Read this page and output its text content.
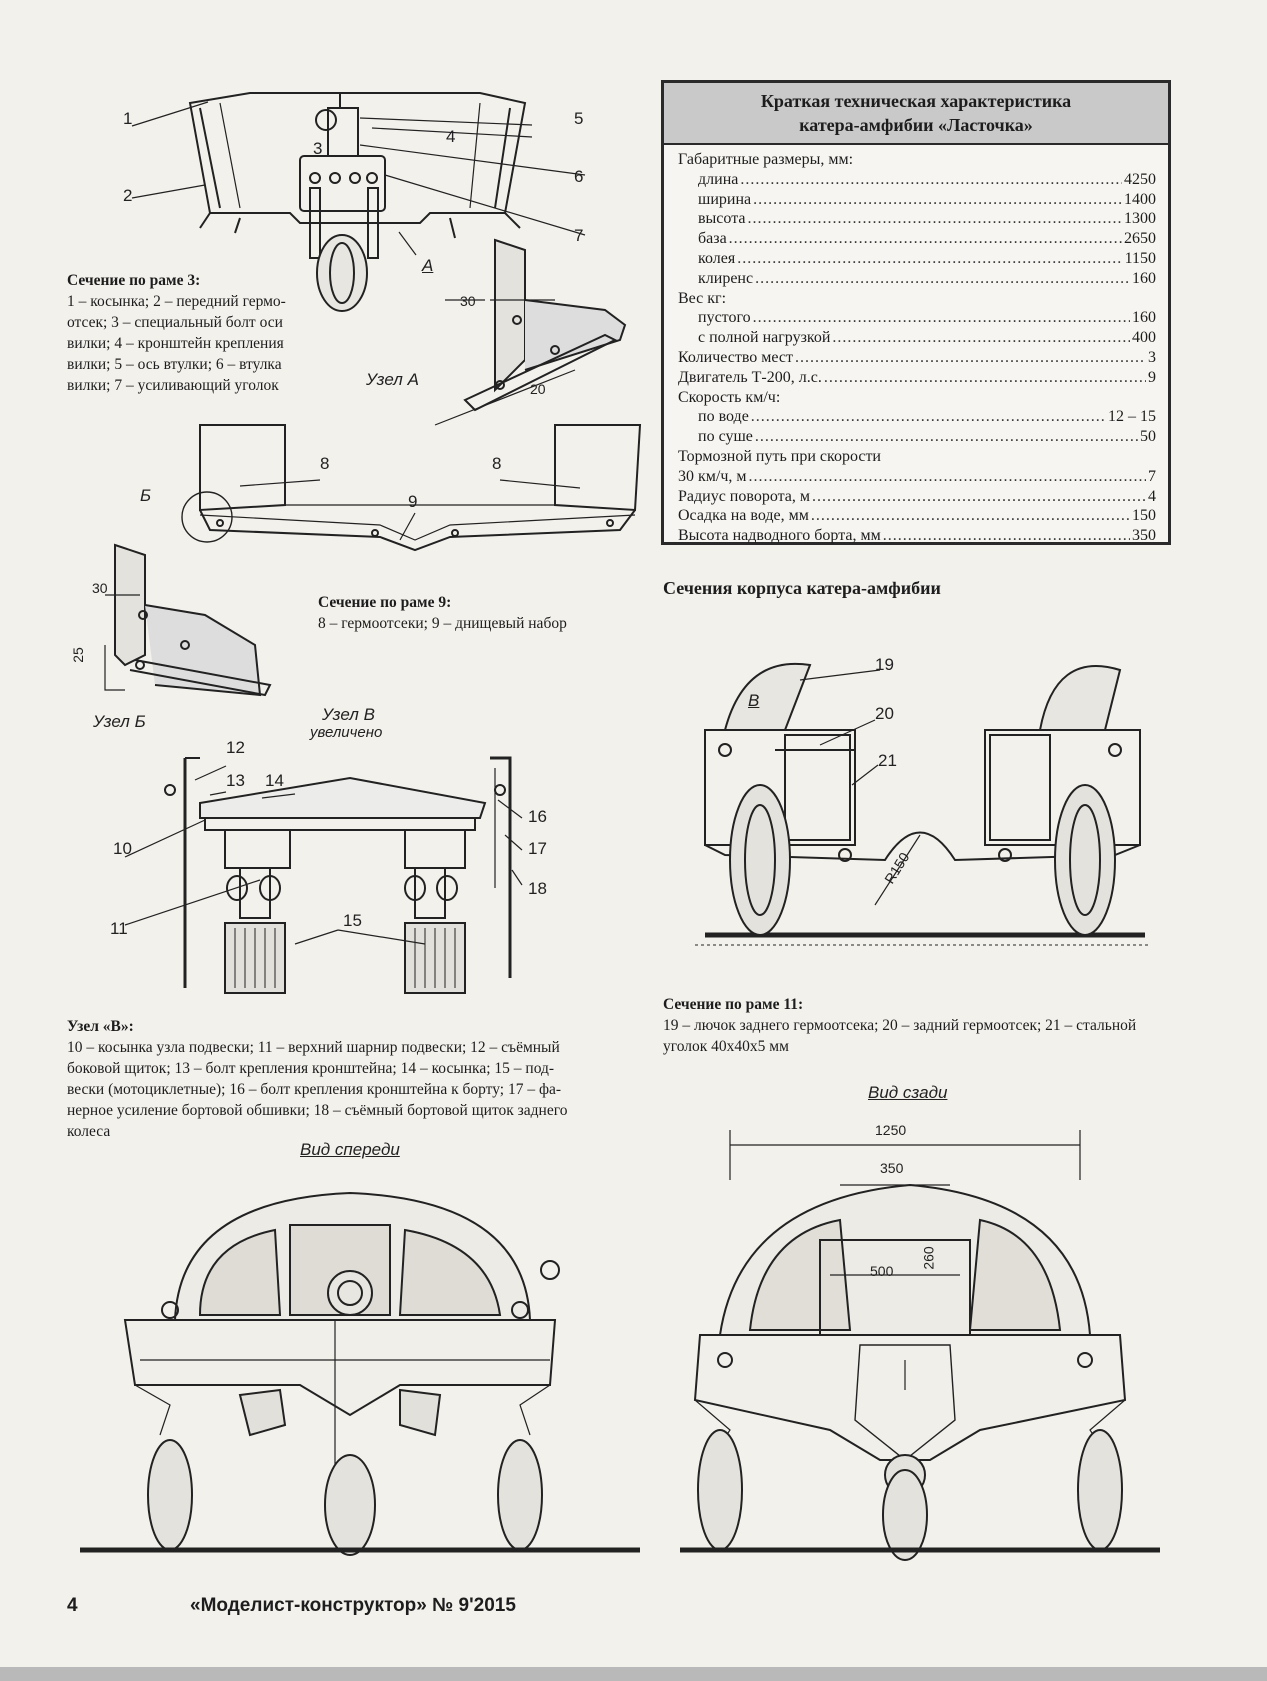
1
2
3
4
5
6
7
А
Сечение по раме 3:
1 – косынка; 2 – передний гермо-
отсек; 3 – специальный болт оси
вилки; 4 – кронштейн крепления
вилки; 5 – ось втулки; 6 – втулка
вилки; 7 – усиливающий уголок
30
20
Узел А
8	8
9
Б
Сечение по раме 9:
8 – гермоотсеки; 9 – днищевый набор
30
25
Узел Б	Узел В
увеличено
12
13 14
10
11	15
16
17
18
Узел «В»:
10 – косынка узла подвески; 11 – верхний шарнир подвески; 12 – съёмный
боковой щиток; 13 – болт крепления кронштейна; 14 – косынка; 15 – под-
вески (мотоциклетные); 16 – болт крепления кронштейна к борту; 17 – фа-
нерное усиление бортовой обшивки; 18 – съёмный бортовой щиток заднего
колеса
Краткая техническая характеристика
катера-амфибии «Ласточка»
Габаритные размеры, мм:
длина .....	4250
ширина .....	1400
высота .....	1300
база .....	2650
колея .....	1150
клиренс .....	160
Вес кг:
пустого .....	160
с полной нагрузкой .....	400
Количество мест .....	3
Двигатель Т-200, л.с. .....	9
Скорость км/ч:
по воде .....	12 – 15
по суше .....	50
Тормозной путь при скорости
30 км/ч, м .....	7
Радиус поворота, м .....	4
Осадка на воде, мм .....	150
Высота надводного борта, мм .....	350
Сечения корпуса катера-амфибии
19
20
21
В
R150
Сечение по раме 11:
19 – лючок заднего гермоотсека; 20 – задний гермоотсек; 21 – стальной
уголок 40х40х5 мм
Вид сзади
1250
350
500
260
Вид спереди
4	«Моделист-конструктор» № 9'2015
